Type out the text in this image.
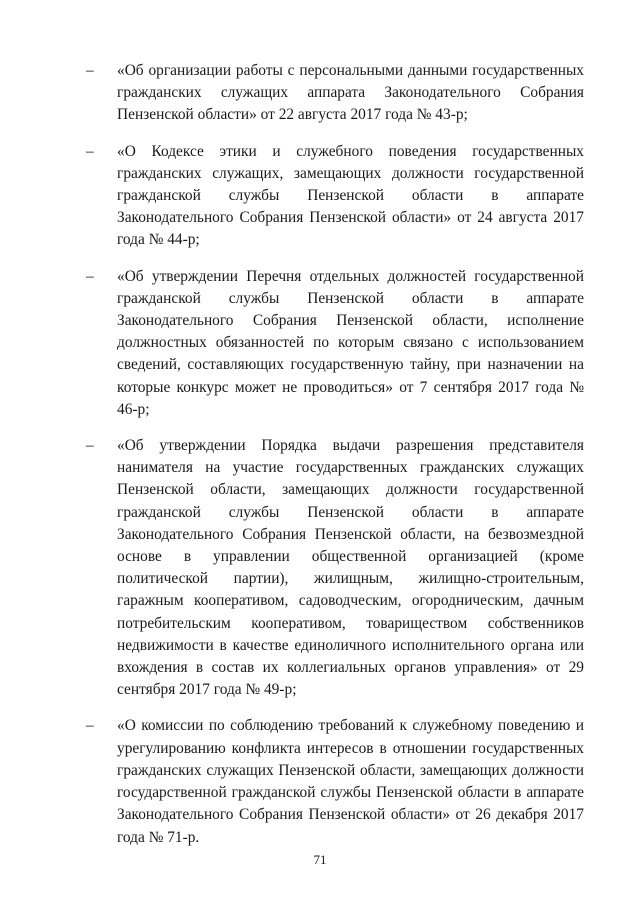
– «Об организации работы с персональными данными государственных гражданских служащих аппарата Законодательного Собрания Пензенской области» от 22 августа 2017 года № 43-р;
– «О Кодексе этики и служебного поведения государственных гражданских служащих, замещающих должности государственной гражданской службы Пензенской области в аппарате Законодательного Собрания Пензенской области» от 24 августа 2017 года № 44-р;
– «Об утверждении Перечня отдельных должностей государственной гражданской службы Пензенской области в аппарате Законодательного Собрания Пензенской области, исполнение должностных обязанностей по которым связано с использованием сведений, составляющих государственную тайну, при назначении на которые конкурс может не проводиться» от 7 сентября 2017 года № 46-р;
– «Об утверждении Порядка выдачи разрешения представителя нанимателя на участие государственных гражданских служащих Пензенской области, замещающих должности государственной гражданской службы Пензенской области в аппарате Законодательного Собрания Пензенской области, на безвозмездной основе в управлении общественной организацией (кроме политической партии), жилищным, жилищно-строительным, гаражным кооперативом, садоводческим, огородническим, дачным потребительским кооперативом, товариществом собственников недвижимости в качестве единоличного исполнительного органа или вхождения в состав их коллегиальных органов управления» от 29 сентября 2017 года № 49-р;
– «О комиссии по соблюдению требований к служебному поведению и урегулированию конфликта интересов в отношении государственных гражданских служащих Пензенской области, замещающих должности государственной гражданской службы Пензенской области в аппарате Законодательного Собрания Пензенской области» от 26 декабря 2017 года № 71-р.
71
